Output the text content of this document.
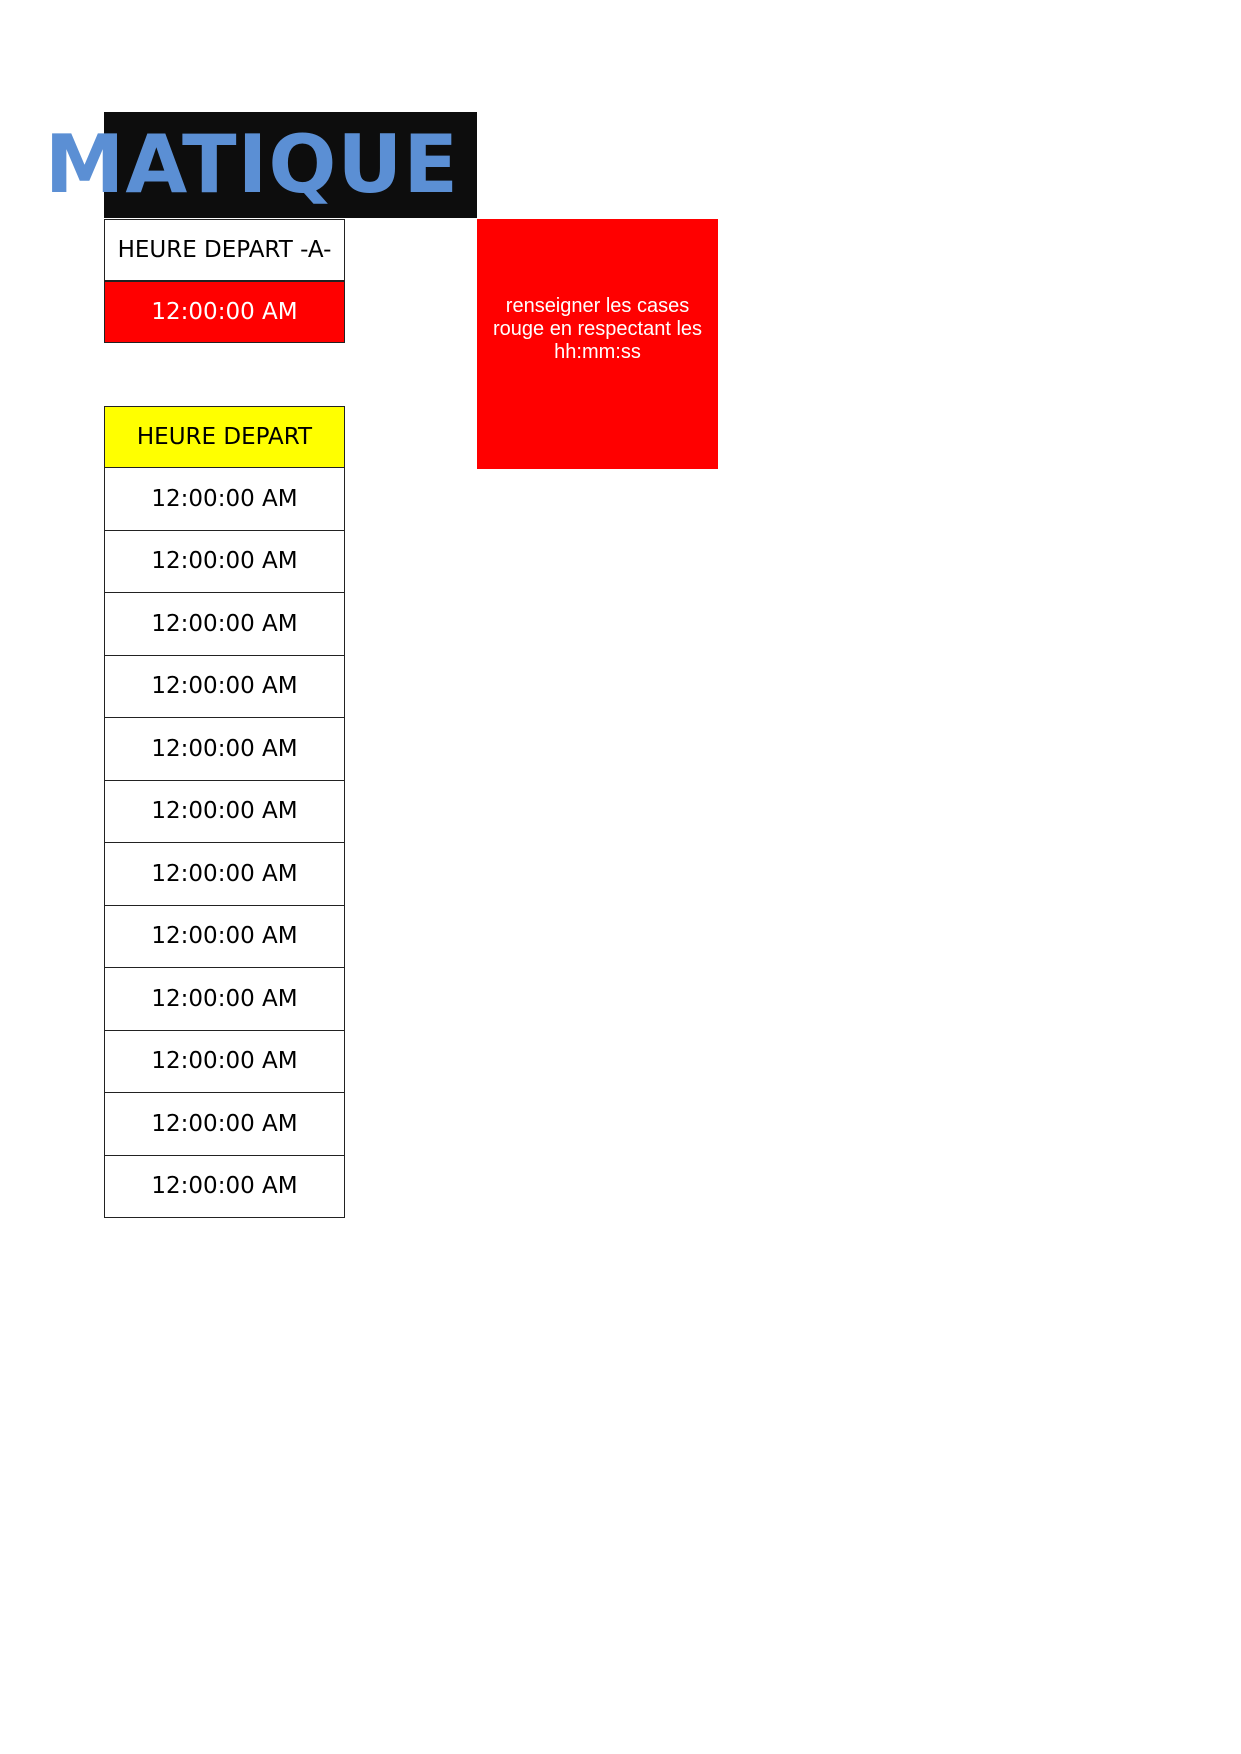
MATIQUE
HEURE DEPART -A-
12:00:00 AM	renseigner les cases rouge en respectant les hh:mm:ss
HEURE DEPART
12:00:00 AM
12:00:00 AM
12:00:00 AM
12:00:00 AM
12:00:00 AM
12:00:00 AM
12:00:00 AM
12:00:00 AM
12:00:00 AM
12:00:00 AM
12:00:00 AM
12:00:00 AM
